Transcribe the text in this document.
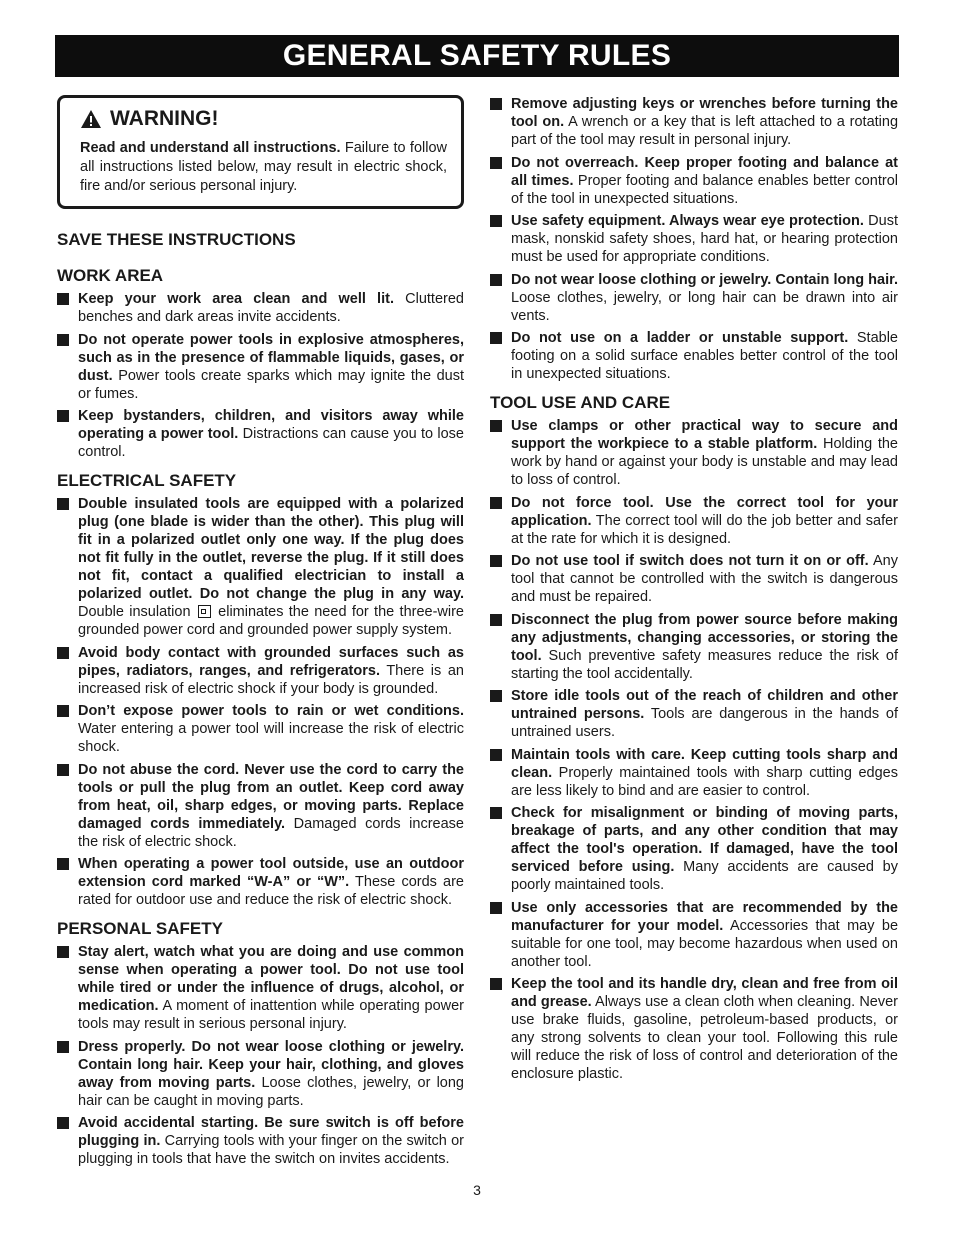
GENERAL SAFETY RULES
WARNING!
Read and understand all instructions. Failure to follow all instructions listed below, may result in electric shock, fire and/or serious personal injury.
SAVE THESE INSTRUCTIONS
WORK AREA
Keep your work area clean and well lit. Cluttered benches and dark areas invite accidents.
Do not operate power tools in explosive atmospheres, such as in the presence of flammable liquids, gases, or dust. Power tools create sparks which may ignite the dust or fumes.
Keep bystanders, children, and visitors away while operating a power tool. Distractions can cause you to lose control.
ELECTRICAL SAFETY
Double insulated tools are equipped with a polarized plug (one blade is wider than the other). This plug will fit in a polarized outlet only one way. If the plug does not fit fully in the outlet, reverse the plug. If it still does not fit, contact a qualified electrician to install a polarized outlet. Do not change the plug in any way. Double insulation  eliminates the need for the three-wire grounded power cord and grounded power supply system.
Avoid body contact with grounded surfaces such as pipes, radiators, ranges, and refrigerators. There is an increased risk of electric shock if your body is grounded.
Don’t expose power tools to rain or wet conditions. Water entering a power tool will increase the risk of electric shock.
Do not abuse the cord. Never use the cord to carry the tools or pull the plug from an outlet. Keep cord away from heat, oil, sharp edges, or moving parts. Replace damaged cords immediately. Damaged cords increase the risk of electric shock.
When operating a power tool outside, use an outdoor extension cord marked “W-A” or “W”. These cords are rated for outdoor use and reduce the risk of electric shock.
PERSONAL SAFETY
Stay alert, watch what you are doing and use common sense when operating a power tool. Do not use tool while tired or under the influence of drugs, alcohol, or medication. A moment of inattention while operating power tools may result in serious personal injury.
Dress properly. Do not wear loose clothing or jewelry. Contain long hair. Keep your hair, clothing, and gloves away from moving parts. Loose clothes, jewelry, or long hair can be caught in moving parts.
Avoid accidental starting. Be sure switch is off before plugging in. Carrying tools with your finger on the switch or plugging in tools that have the switch on invites accidents.
Remove adjusting keys or wrenches before turning the tool on. A wrench or a key that is left attached to a rotating part of the tool may result in personal injury.
Do not overreach. Keep proper footing and balance at all times. Proper footing and balance enables better control of the tool in unexpected situations.
Use safety equipment. Always wear eye protection. Dust mask, nonskid safety shoes, hard hat, or hearing protection must be used for appropriate conditions.
Do not wear loose clothing or jewelry. Contain long hair. Loose clothes, jewelry, or long hair can be drawn into air vents.
Do not use on a ladder or unstable support. Stable footing on a solid surface enables better control of the tool in unexpected situations.
TOOL USE AND CARE
Use clamps or other practical way to secure and support the workpiece to a stable platform. Holding the work by hand or against your body is unstable and may lead to loss of control.
Do not force tool. Use the correct tool for your application. The correct tool will do the job better and safer at the rate for which it is designed.
Do not use tool if switch does not turn it on or off. Any tool that cannot be controlled with the switch is dangerous and must be repaired.
Disconnect the plug from power source before making any adjustments, changing accessories, or storing the tool. Such preventive safety measures reduce the risk of starting the tool accidentally.
Store idle tools out of the reach of children and other untrained persons. Tools are dangerous in the hands of untrained users.
Maintain tools with care. Keep cutting tools sharp and clean. Properly maintained tools with sharp cutting edges are less likely to bind and are easier to control.
Check for misalignment or binding of moving parts, breakage of parts, and any other condition that may affect the tool's operation. If damaged, have the tool serviced before using. Many accidents are caused by poorly maintained tools.
Use only accessories that are recommended by the manufacturer for your model. Accessories that may be suitable for one tool, may become hazardous when used on another tool.
Keep the tool and its handle dry, clean and free from oil and grease. Always use a clean cloth when cleaning. Never use brake fluids, gasoline, petroleum-based products, or any strong solvents to clean your tool. Following this rule will reduce the risk of loss of control and deterioration of the enclosure plastic.
3
